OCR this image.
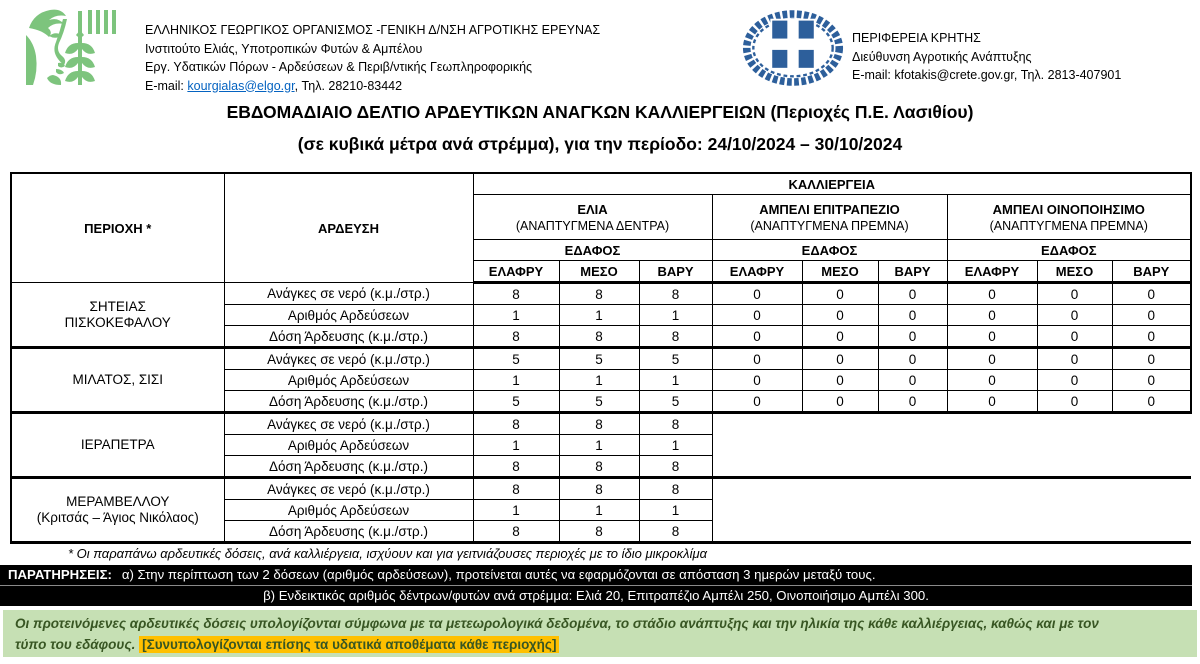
ΕΛΛΗΝΙΚΟΣ ΓΕΩΡΓΙΚΟΣ ΟΡΓΑΝΙΣΜΟΣ -ΓΕΝΙΚΗ Δ/ΝΣΗ ΑΓΡΟΤΙΚΗΣ ΕΡΕΥΝΑΣ
Ινστιτούτο Ελιάς, Υποτροπικών Φυτών & Αμπέλου
Εργ. Υδατικών Πόρων - Αρδεύσεων & Περιβ/ντικής Γεωπληροφορικής
E-mail: kourgialas@elgo.gr, Τηλ. 28210-83442
ΠΕΡΙΦΕΡΕΙΑ ΚΡΗΤΗΣ
Διεύθυνση Αγροτικής Ανάπτυξης
E-mail: kfotakis@crete.gov.gr, Τηλ. 2813-407901
ΕΒΔΟΜΑΔΙΑΙΟ ΔΕΛΤΙΟ ΑΡΔΕΥΤΙΚΩΝ ΑΝΑΓΚΩΝ ΚΑΛΛΙΕΡΓΕΙΩΝ (Περιοχές Π.Ε. Λασιθίου)
(σε κυβικά μέτρα ανά στρέμμα), για την περίοδο: 24/10/2024 – 30/10/2024
ΠΕΡΙΟΧΗ *	ΑΡΔΕΥΣΗ	ΚΑΛΛΙΕΡΓΕΙΑ								

ΕΛΙΑ
(ΑΝΑΠΤΥΓΜΕΝΑ ΔΕΝΤΡΑ)

ΑΜΠΕΛΙ ΕΠΙΤΡΑΠΕΖΙΟ
(ΑΝΑΠΤΥΓΜΕΝΑ ΠΡΕΜΝΑ)

ΑΜΠΕΛΙ ΟΙΝΟΠΟΙΗΣΙΜΟ
(ΑΝΑΠΤΥΓΜΕΝΑ ΠΡΕΜΝΑ)

		ΕΔΑΦΟΣ			ΕΔΑΦΟΣ			ΕΔΑΦΟΣ		
		ΕΛΑΦΡΥ	ΜΕΣΟ	ΒΑΡΥ	ΕΛΑΦΡΥ	ΜΕΣΟ	ΒΑΡΥ	ΕΛΑΦΡΥ	ΜΕΣΟ	ΒΑΡΥ

ΣΗΤΕΙΑΣ
ΠΙΣΚΟΚΕΦΑΛΟΥ	Ανάγκες σε νερό (κ.μ./στρ.)	8	8	8	0	0	0	0	0	0
	Αριθμός Αρδεύσεων	1	1	1	0	0	0	0	0	0
	Δόση Άρδευσης (κ.μ./στρ.)	8	8	8	0	0	0	0	0	0

ΜΙΛΑΤΟΣ, ΣΙΣΙ	Ανάγκες σε νερό (κ.μ./στρ.)	5	5	5	0	0	0	0	0	0
	Αριθμός Αρδεύσεων	1	1	1	0	0	0	0	0	0
	Δόση Άρδευσης (κ.μ./στρ.)	5	5	5	0	0	0	0	0	0

ΙΕΡΑΠΕΤΡΑ	Ανάγκες σε νερό (κ.μ./στρ.)	8	8	8						
	Αριθμός Αρδεύσεων	1	1	1						
	Δόση Άρδευσης (κ.μ./στρ.)	8	8	8						

ΜΕΡΑΜΒΕΛΛΟΥ
(Κριτσάς – Άγιος Νικόλαος)	Ανάγκες σε νερό (κ.μ./στρ.)	8	8	8						
	Αριθμός Αρδεύσεων	1	1	1						
	Δόση Άρδευσης (κ.μ./στρ.)	8	8	8						
* Οι παραπάνω αρδευτικές δόσεις, ανά καλλιέργεια, ισχύουν και για γειτνιάζουσες περιοχές με το ίδιο μικροκλίμα
ΠΑΡΑΤΗΡΗΣΕΙΣ: α) Στην περίπτωση των 2 δόσεων (αριθμός αρδεύσεων), προτείνεται αυτές να εφαρμόζονται σε απόσταση 3 ημερών μεταξύ τους.
β) Ενδεικτικός αριθμός δέντρων/φυτών ανά στρέμμα: Ελιά 20, Επιτραπέζιο Αμπέλι 250, Οινοποιήσιμο Αμπέλι 300.
Οι προτεινόμενες αρδευτικές δόσεις υπολογίζονται σύμφωνα με τα μετεωρολογικά δεδομένα, το στάδιο ανάπτυξης και την ηλικία της κάθε καλλιέργειας, καθώς και με τον
τύπο του εδάφους. [Συνυπολογίζονται επίσης τα υδατικά αποθέματα κάθε περιοχής]
